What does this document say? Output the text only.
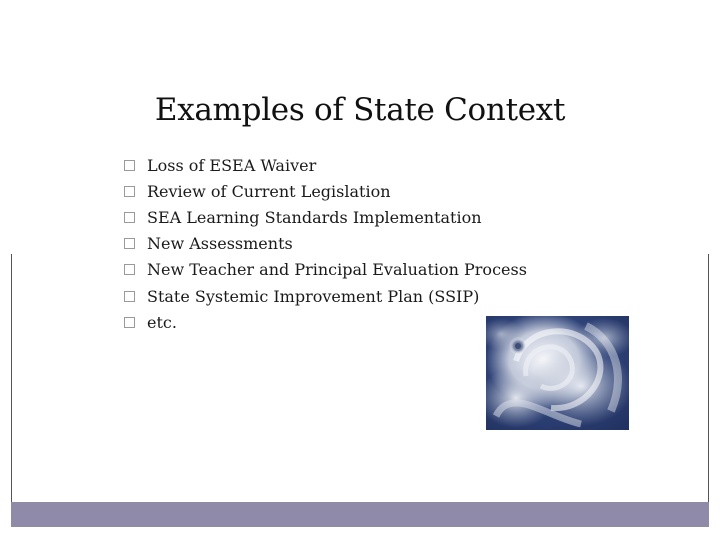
Examples of State Context
Loss of ESEA Waiver
Review of Current Legislation
SEA Learning Standards Implementation
New Assessments
New Teacher and Principal Evaluation Process
State Systemic Improvement Plan (SSIP)
etc.
